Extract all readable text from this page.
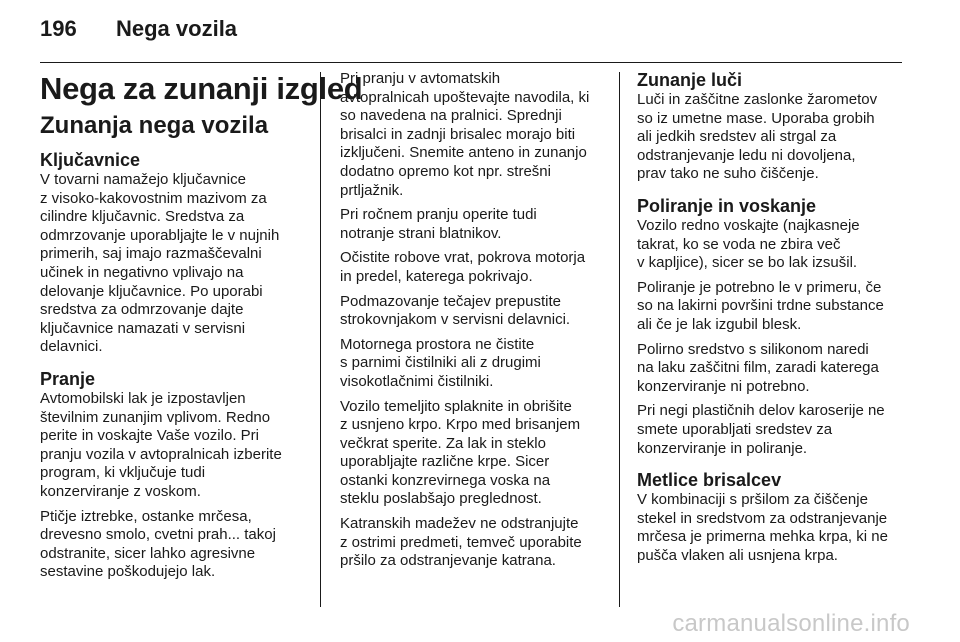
196	Nega vozila
Nega za zunanji izgled
Zunanja nega vozila
Ključavnice

V tovarni namažejo ključavnice
z visoko-kakovostnim mazivom za
cilindre ključavnic. Sredstva za
odmrzovanje uporabljajte le v nujnih
primerih, saj imajo razmaščevalni
učinek in negativno vplivajo na
delovanje ključavnice. Po uporabi
sredstva za odmrzovanje dajte
ključavnice namazati v servisni
delavnici.

Pranje

Avtomobilski lak je izpostavljen
številnim zunanjim vplivom. Redno
perite in voskajte Vaše vozilo. Pri
pranju vozila v avtopralnicah izberite
program, ki vključuje tudi
konzerviranje z voskom.

Ptičje iztrebke, ostanke mrčesa,
drevesno smolo, cvetni prah... takoj
odstranite, sicer lahko agresivne
sestavine poškodujejo lak.

Pri pranju v avtomatskih
avtopralnicah upoštevajte navodila, ki
so navedena na pralnici. Sprednji
brisalci in zadnji brisalec morajo biti
izključeni. Snemite anteno in zunanjo
dodatno opremo kot npr. strešni
prtljažnik.

Pri ročnem pranju operite tudi
notranje strani blatnikov.

Očistite robove vrat, pokrova motorja
in predel, katerega pokrivajo.

Podmazovanje tečajev prepustite
strokovnjakom v servisni delavnici.

Motornega prostora ne čistite
s parnimi čistilniki ali z drugimi
visokotlačnimi čistilniki.

Vozilo temeljito splaknite in obrišite
z usnjeno krpo. Krpo med brisanjem
večkrat sperite. Za lak in steklo
uporabljajte različne krpe. Sicer
ostanki konzrevirnega voska na
steklu poslabšajo preglednost.

Katranskih madežev ne odstranjujte
z ostrimi predmeti, temveč uporabite
pršilo za odstranjevanje katrana.

Zunanje luči

Luči in zaščitne zaslonke žarometov
so iz umetne mase. Uporaba grobih
ali jedkih sredstev ali strgal za
odstranjevanje ledu ni dovoljena,
prav tako ne suho čiščenje.

Poliranje in voskanje

Vozilo redno voskajte (najkasneje
takrat, ko se voda ne zbira več
v kapljice), sicer se bo lak izsušil.

Poliranje je potrebno le v primeru, če
so na lakirni površini trdne substance
ali če je lak izgubil blesk.

Polirno sredstvo s silikonom naredi
na laku zaščitni film, zaradi katerega
konzerviranje ni potrebno.

Pri negi plastičnih delov karoserije ne
smete uporabljati sredstev za
konzerviranje in poliranje.

Metlice brisalcev

V kombinaciji s pršilom za čiščenje
stekel in sredstvom za odstranjevanje
mrčesa je primerna mehka krpa, ki ne
pušča vlaken ali usnjena krpa.

carmanualsonline.info
